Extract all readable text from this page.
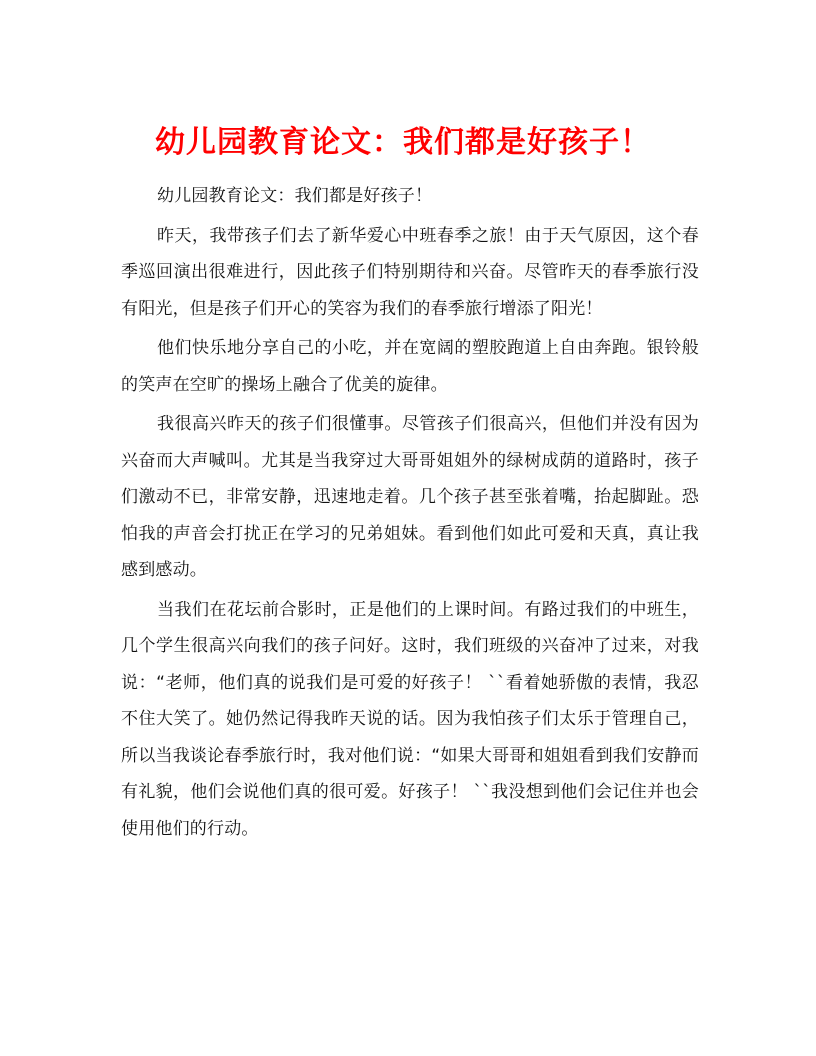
幼儿园教育论文：我们都是好孩子！

幼儿园教育论文：我们都是好孩子！

昨天，我带孩子们去了新华爱心中班春季之旅！由于天气原因，这个春季巡回演出很难进行，因此孩子们特别期待和兴奋。尽管昨天的春季旅行没有阳光，但是孩子们开心的笑容为我们的春季旅行增添了阳光！

他们快乐地分享自己的小吃，并在宽阔的塑胶跑道上自由奔跑。银铃般的笑声在空旷的操场上融合了优美的旋律。

我很高兴昨天的孩子们很懂事。尽管孩子们很高兴，但他们并没有因为兴奋而大声喊叫。尤其是当我穿过大哥哥姐姐外的绿树成荫的道路时，孩子们激动不已，非常安静，迅速地走着。几个孩子甚至张着嘴，抬起脚趾。恐怕我的声音会打扰正在学习的兄弟姐妹。看到他们如此可爱和天真，真让我感到感动。

当我们在花坛前合影时，正是他们的上课时间。有路过我们的中班生，几个学生很高兴向我们的孩子问好。这时，我们班级的兴奋冲了过来，对我说：“老师，他们真的说我们是可爱的好孩子！ ``看着她骄傲的表情，我忍不住大笑了。她仍然记得我昨天说的话。因为我怕孩子们太乐于管理自己，所以当我谈论春季旅行时，我对他们说：“如果大哥哥和姐姐看到我们安静而有礼貌，他们会说他们真的很可爱。好孩子！ ``我没想到他们会记住并也会使用他们的行动。
